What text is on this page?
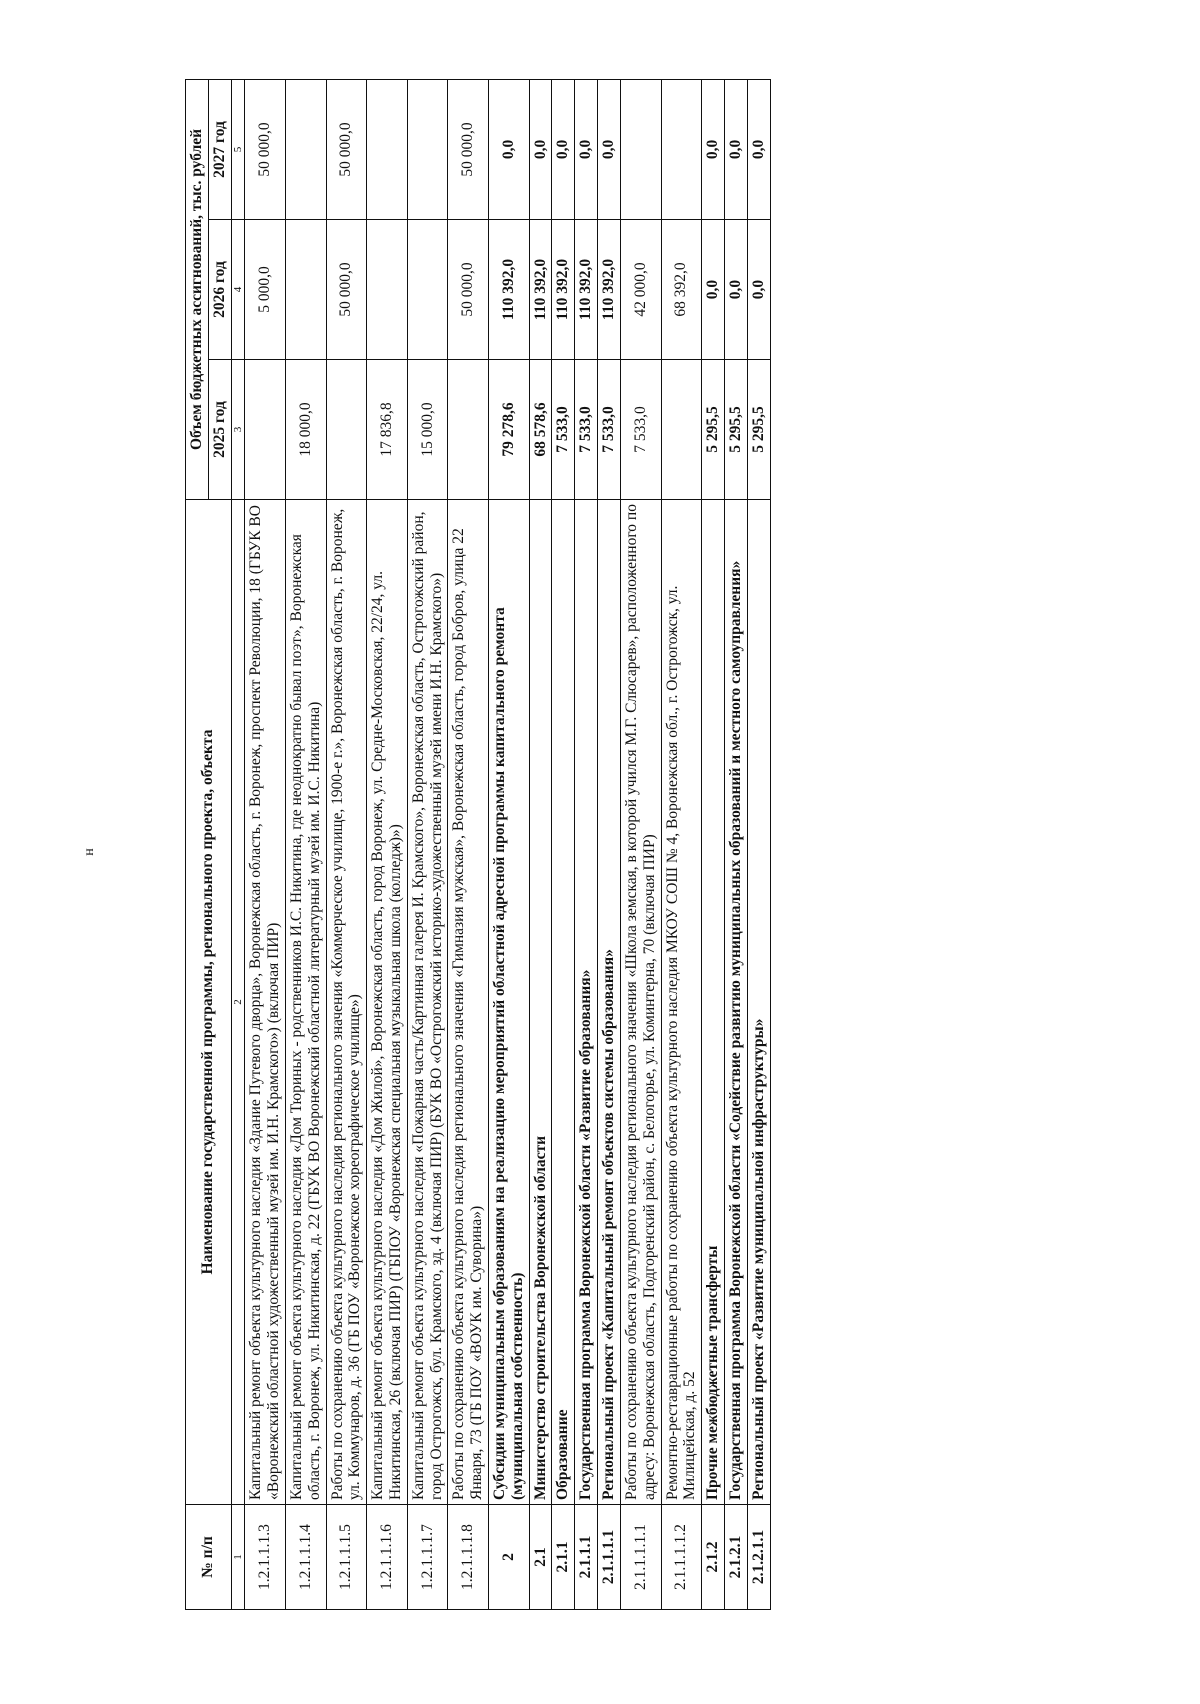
н
№ п/п	Наименование государственной программы, регионального проекта, объекта	Объем бюджетных ассигнований, тыс. рублей		
		2025 год	2026 год	2027 год
1	2	3	4	5
1.2.1.1.1.3	Капитальный ремонт объекта культурного наследия «Здание Путевого дворца», Воронежская область, г. Воронеж, проспект Революции, 18 (ГБУК ВО «Воронежский областной художественный музей им. И.Н. Крамского») (включая ПИР)		5 000,0	50 000,0
1.2.1.1.1.4	Капитальный ремонт объекта культурного наследия «Дом Тюриных - родственников И.С. Никитина, где неоднократно бывал поэт», Воронежская область, г. Воронеж, ул. Никитинская, д. 22 (ГБУК ВО Воронежский областной литературный музей им. И.С. Никитина)	18 000,0		
1.2.1.1.1.5	Работы по сохранению объекта культурного наследия регионального значения «Коммерческое училище, 1900-е г.», Воронежская область, г. Воронеж, ул. Коммунаров, д. 36 (ГБ ПОУ «Воронежское хореографическое училище»)		50 000,0	50 000,0
1.2.1.1.1.6	Капитальный ремонт объекта культурного наследия «Дом Жилой», Воронежская область, город Воронеж, ул. Средне-Московская, 22/24, ул. Никитинская, 26 (включая ПИР) (ГБПОУ «Воронежская специальная музыкальная школа (колледж)»)	17 836,8		
1.2.1.1.1.7	Капитальный ремонт объекта культурного наследия «Пожарная часть/Картинная галерея И. Крамского», Воронежская область, Острогожский район, город Острогожск, бул. Крамского, зд. 4 (включая ПИР) (БУК ВО «Острогожский историко-художественный музей имени И.Н. Крамского»)	15 000,0		
1.2.1.1.1.8	Работы по сохранению объекта культурного наследия регионального значения «Гимназия мужская», Воронежская область, город Бобров, улица 22 Января, 73 (ГБ ПОУ «ВОУК им. Суворина»)		50 000,0	50 000,0
2	Субсидии муниципальным образованиям на реализацию мероприятий областной адресной программы капитального ремонта (муниципальная собственность)	79 278,6	110 392,0	0,0
2.1	Министерство строительства Воронежской области	68 578,6	110 392,0	0,0
2.1.1	Образование	7 533,0	110 392,0	0,0
2.1.1.1	Государственная программа Воронежской области «Развитие образования»	7 533,0	110 392,0	0,0
2.1.1.1.1	Региональный проект «Капитальный ремонт объектов системы образования»	7 533,0	110 392,0	0,0
2.1.1.1.1.1	Работы по сохранению объекта культурного наследия регионального значения «Школа земская, в которой учился М.Г. Слюсарев», расположенного по адресу: Воронежская область, Подгоренский район, с. Белогорье, ул. Коминтерна, 70 (включая ПИР)	7 533,0	42 000,0	
2.1.1.1.1.2	Ремонтно-реставрационные работы по сохранению объекта культурного наследия МКОУ СОШ № 4, Воронежская обл., г. Острогожск, ул. Милицейская, д. 52		68 392,0	
2.1.2	Прочие межбюджетные трансферты	5 295,5	0,0	0,0
2.1.2.1	Государственная программа Воронежской области «Содействие развитию муниципальных образований и местного самоуправления»	5 295,5	0,0	0,0
2.1.2.1.1	Региональный проект «Развитие муниципальной инфраструктуры»	5 295,5	0,0	0,0
